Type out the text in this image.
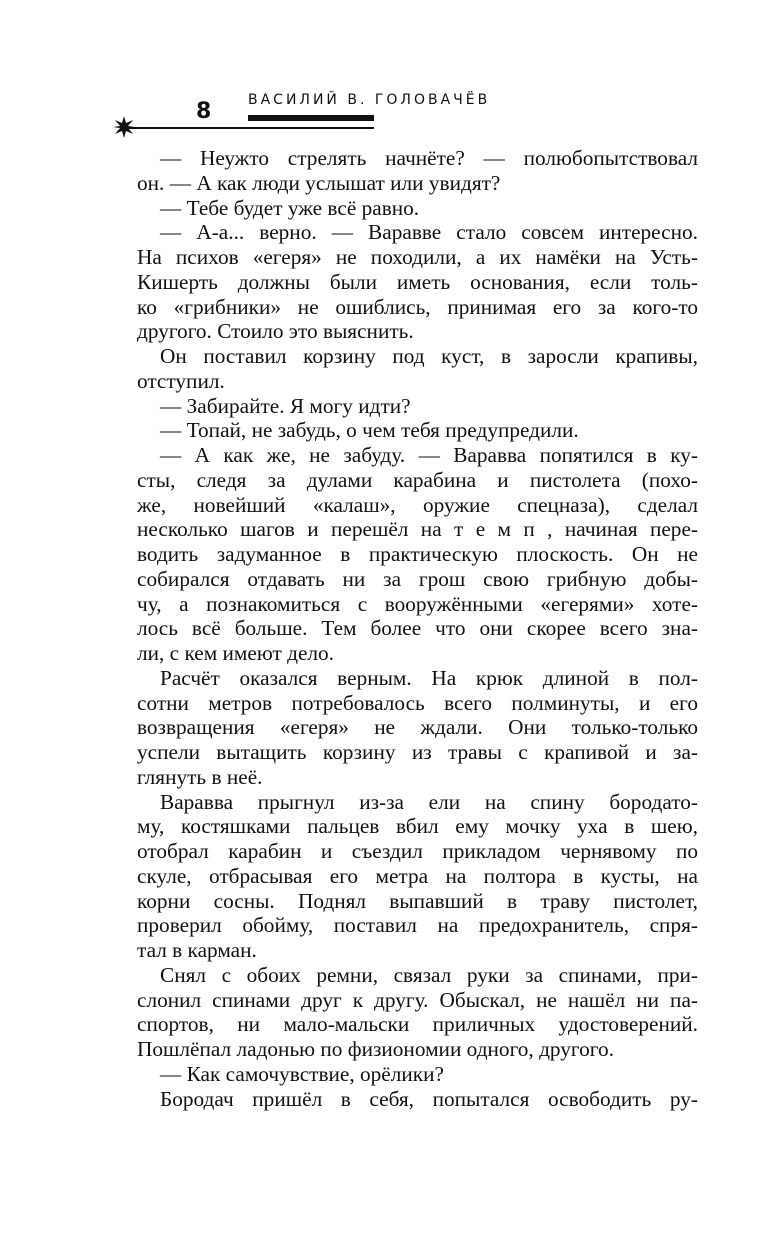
8	ВАСИЛИЙ В. ГОЛОВАЧЁВ
— Неужто стрелять начнёте? — полюбопытствовал
он. — А как люди услышат или увидят?
— Тебе будет уже всё равно.
— А-а... верно. — Варавве стало совсем интересно.
На психов «егеря» не походили, а их намёки на Усть-
Кишерть должны были иметь основания, если толь-
ко «грибники» не ошиблись, принимая его за кого-то
другого. Стоило это выяснить.
Он поставил корзину под куст, в заросли крапивы,
отступил.
— Забирайте. Я могу идти?
— Топай, не забудь, о чем тебя предупредили.
— А как же, не забуду. — Варавва попятился в ку-
сты, следя за дулами карабина и пистолета (похо-
же, новейший «калаш», оружие спецназа), сделал
несколько шагов и перешёл на т е м п , начиная пере-
водить задуманное в практическую плоскость. Он не
собирался отдавать ни за грош свою грибную добы-
чу, а познакомиться с вооружёнными «егерями» хоте-
лось всё больше. Тем более что они скорее всего зна-
ли, с кем имеют дело.
Расчёт оказался верным. На крюк длиной в пол-
сотни метров потребовалось всего полминуты, и его
возвращения «егеря» не ждали. Они только-только
успели вытащить корзину из травы с крапивой и за-
глянуть в неё.
Варавва прыгнул из-за ели на спину бородато-
му, костяшками пальцев вбил ему мочку уха в шею,
отобрал карабин и съездил прикладом чернявому по
скуле, отбрасывая его метра на полтора в кусты, на
корни сосны. Поднял выпавший в траву пистолет,
проверил обойму, поставил на предохранитель, спря-
тал в карман.
Снял с обоих ремни, связал руки за спинами, при-
слонил спинами друг к другу. Обыскал, не нашёл ни па-
спортов, ни мало-мальски приличных удостоверений.
Пошлёпал ладонью по физиономии одного, другого.
— Как самочувствие, орёлики?
Бородач пришёл в себя, попытался освободить ру-
